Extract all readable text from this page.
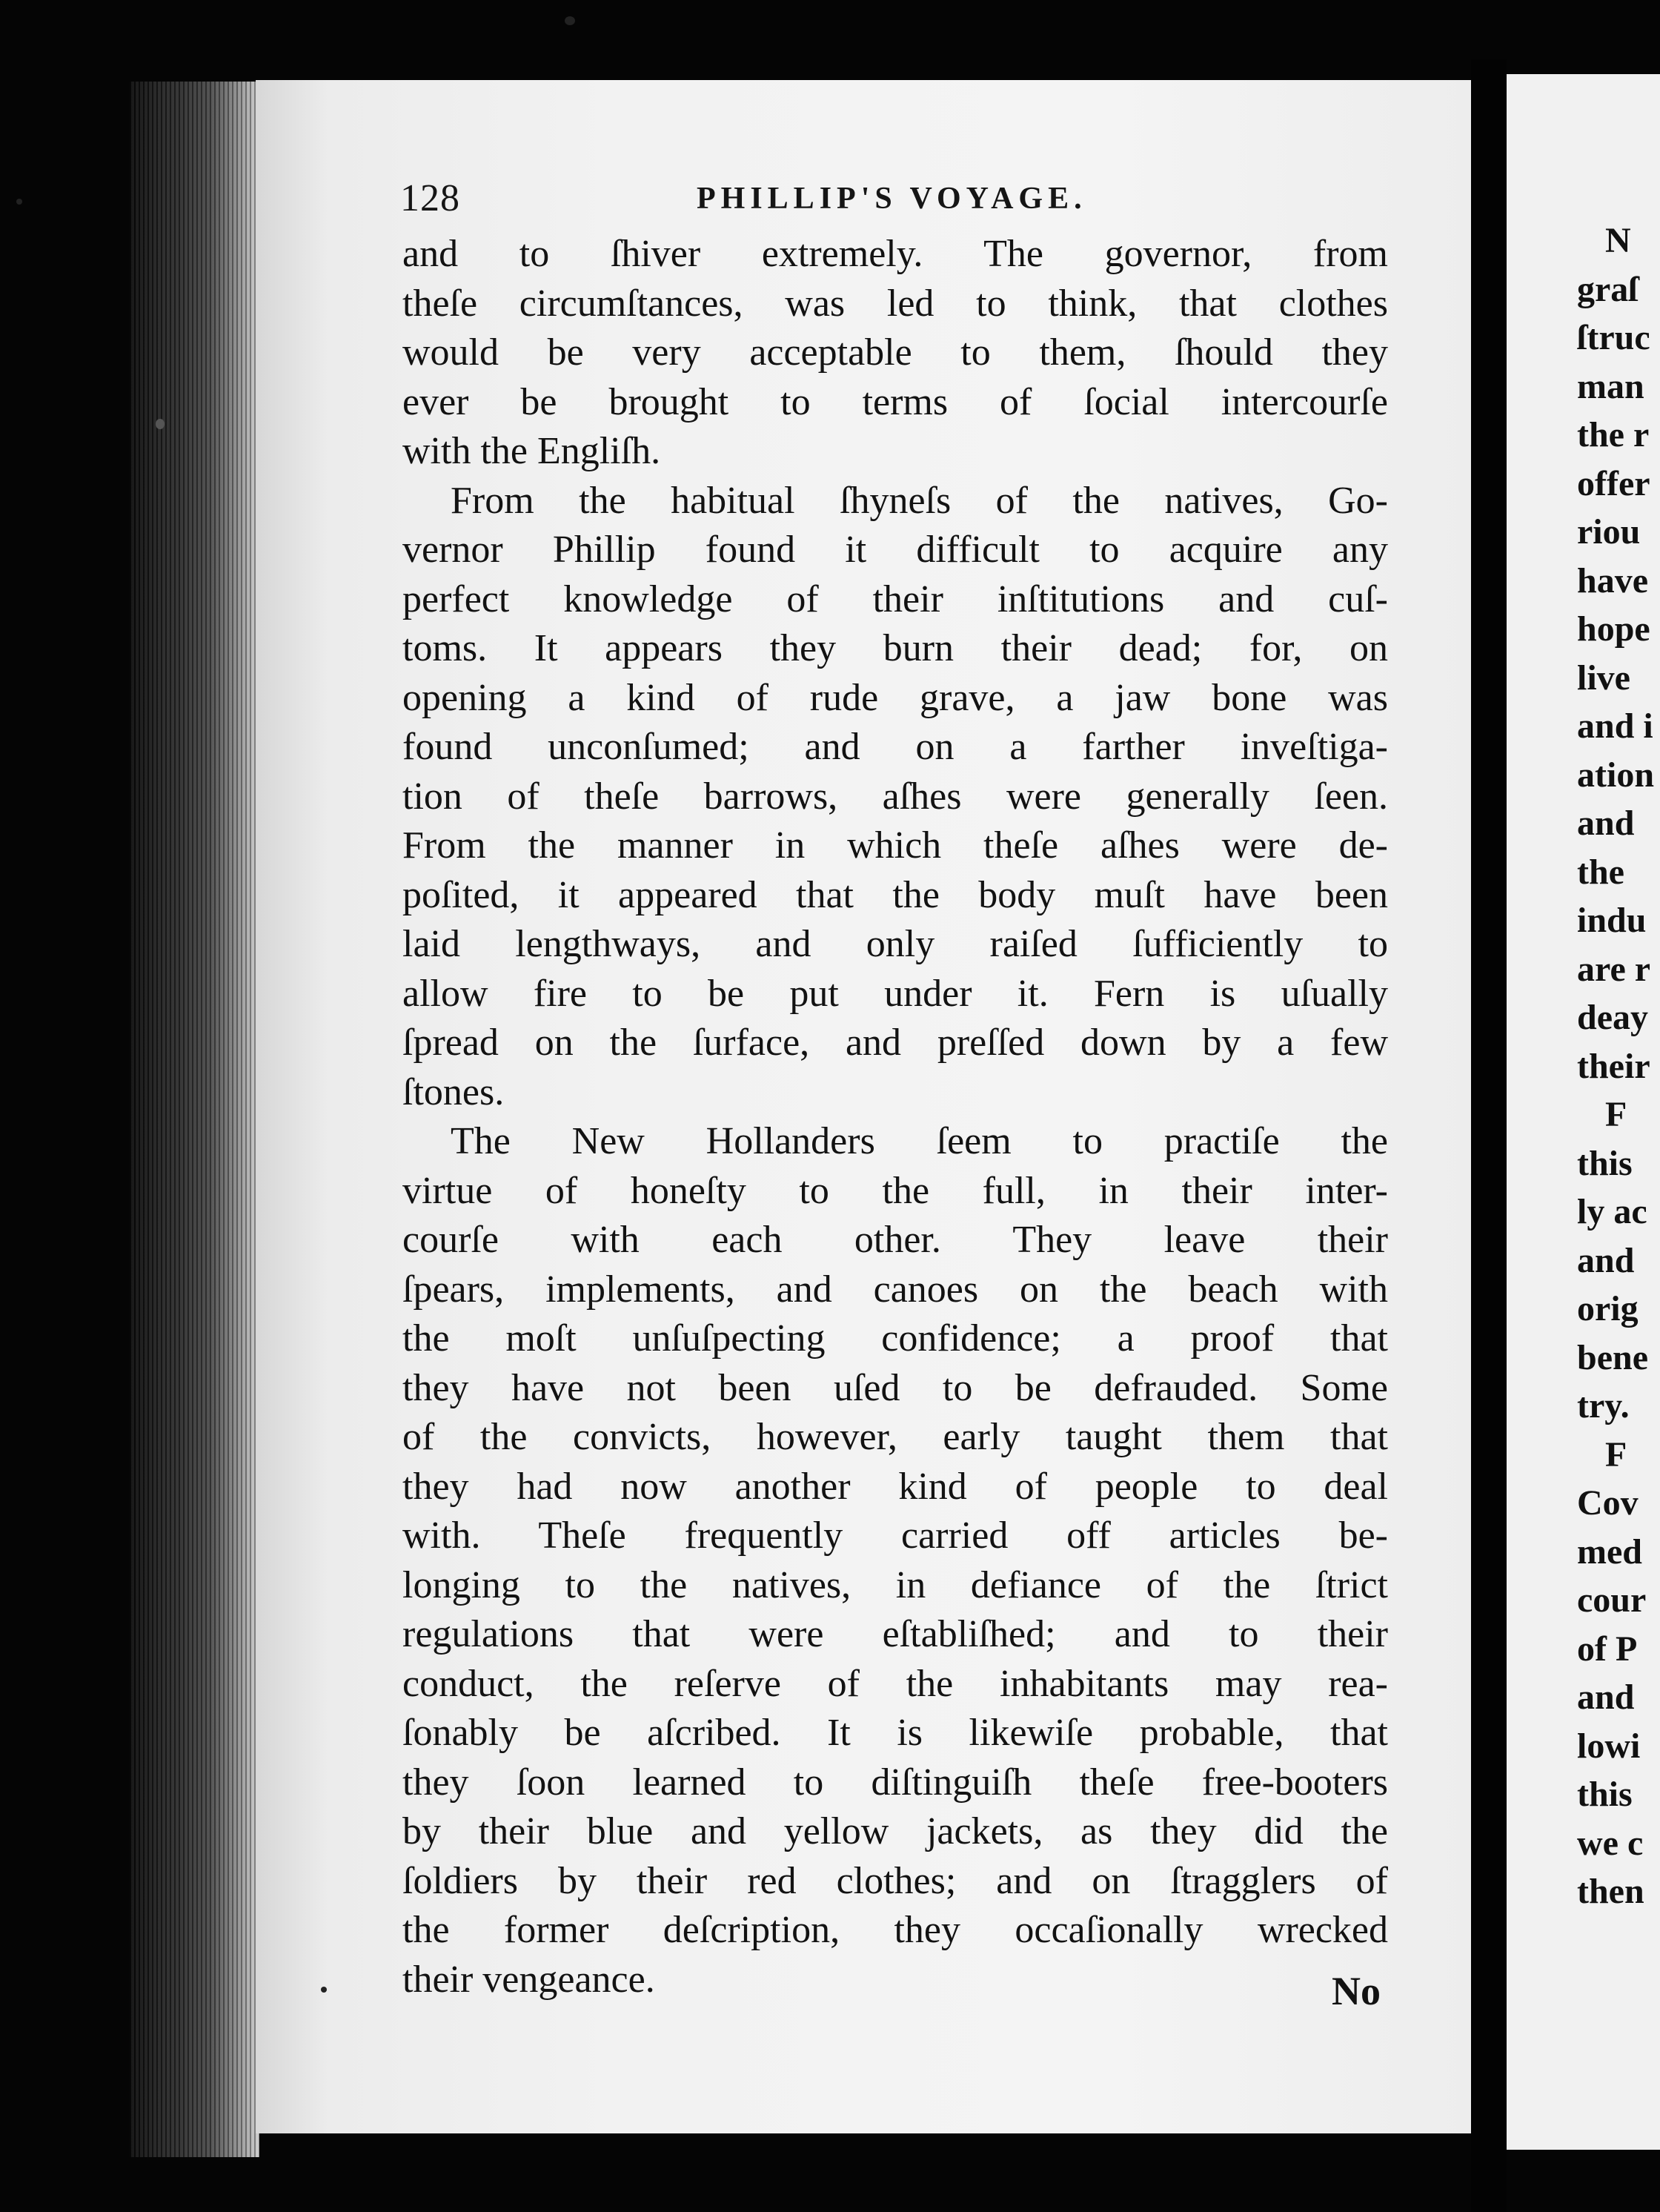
128	PHILLIP'S VOYAGE.
and to ſhiver extremely. The governor, from
theſe circumſtances, was led to think, that clothes
would be very acceptable to them, ſhould they
ever be brought to terms of ſocial intercourſe
with the Engliſh.
From the habitual ſhyneſs of the natives, Go-
vernor Phillip found it difficult to acquire any
perfect knowledge of their inſtitutions and cuſ-
toms. It appears they burn their dead; for, on
opening a kind of rude grave, a jaw bone was
found unconſumed; and on a farther inveſtiga-
tion of theſe barrows, aſhes were generally ſeen.
From the manner in which theſe aſhes were de-
poſited, it appeared that the body muſt have been
laid lengthways, and only raiſed ſufficiently to
allow fire to be put under it. Fern is uſually
ſpread on the ſurface, and preſſed down by a few
ſtones.
The New Hollanders ſeem to practiſe the
virtue of honeſty to the full, in their inter-
courſe with each other. They leave their
ſpears, implements, and canoes on the beach with
the moſt unſuſpecting confidence; a proof that
they have not been uſed to be defrauded. Some
of the convicts, however, early taught them that
they had now another kind of people to deal
with. Theſe frequently carried off articles be-
longing to the natives, in defiance of the ſtrict
regulations that were eſtabliſhed; and to their
conduct, the reſerve of the inhabitants may rea-
ſonably be aſcribed. It is likewiſe probable, that
they ſoon learned to diſtinguiſh theſe free-booters
by their blue and yellow jackets, as they did the
ſoldiers by their red clothes; and on ſtragglers of
the former deſcription, they occaſionally wrecked
their vengeance.	No
N
graſ
ſtruc
man
the r
offer
riou
have
hope
live
and i
ation
and
the
indu
are r
deay
their
F
this
ly ac
and
orig
bene
try.
F
Cov
med
cour
of P
and
lowi
this
we c
then
